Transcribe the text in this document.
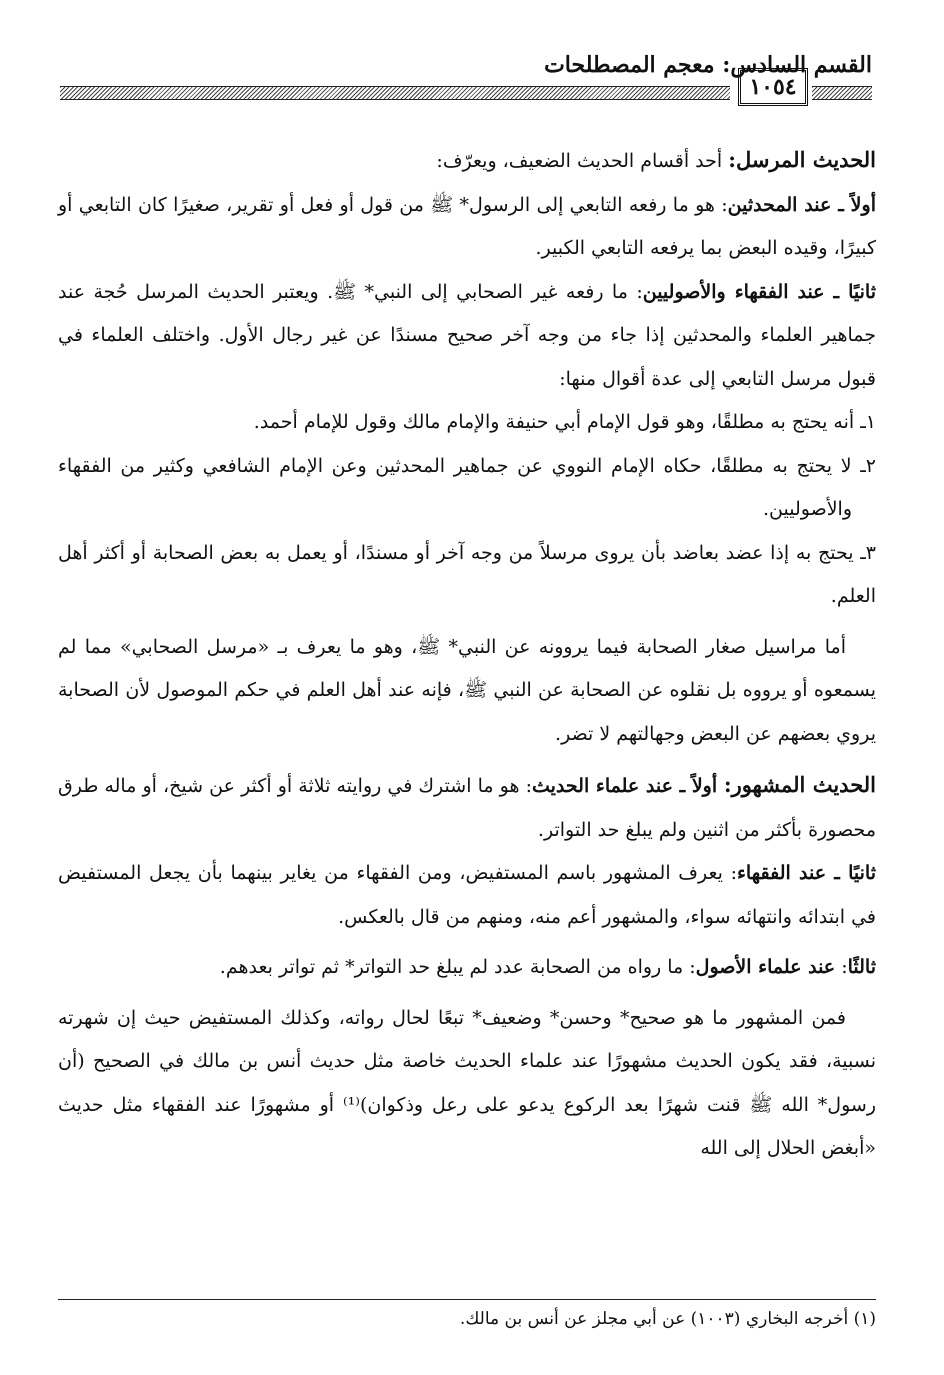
١٠٥٤
القسم السادس: معجم المصطلحات

الحديث المرسل: أحد أقسام الحديث الضعيف، ويعرّف:

أولاً ـ عند المحدثين: هو ما رفعه التابعي إلى الرسول* ﷺ من قول أو فعل أو تقرير، صغيرًا كان التابعي أو كبيرًا، وقيده البعض بما يرفعه التابعي الكبير.

ثانيًا ـ عند الفقهاء والأصوليين: ما رفعه غير الصحابي إلى النبي* ﷺ. ويعتبر الحديث المرسل حُجة عند جماهير العلماء والمحدثين إذا جاء من وجه آخر صحيح مسندًا عن غير رجال الأول. واختلف العلماء في قبول مرسل التابعي إلى عدة أقوال منها:

١ـ أنه يحتج به مطلقًا، وهو قول الإمام أبي حنيفة والإمام مالك وقول للإمام أحمد.

٢ـ لا يحتج به مطلقًا، حكاه الإمام النووي عن جماهير المحدثين وعن الإمام الشافعي وكثير من الفقهاء والأصوليين.

٣ـ يحتج به إذا عضد بعاضد بأن يروى مرسلاً من وجه آخر أو مسندًا، أو يعمل به بعض الصحابة أو أكثر أهل العلم.

أما مراسيل صغار الصحابة فيما يروونه عن النبي* ﷺ، وهو ما يعرف بـ «مرسل الصحابي» مما لم يسمعوه أو يرووه بل نقلوه عن الصحابة عن النبي ﷺ، فإنه عند أهل العلم في حكم الموصول لأن الصحابة يروي بعضهم عن البعض وجهالتهم لا تضر.

الحديث المشهور: أولاً ـ عند علماء الحديث: هو ما اشترك في روايته ثلاثة أو أكثر عن شيخ، أو ماله طرق محصورة بأكثر من اثنين ولم يبلغ حد التواتر.

ثانيًا ـ عند الفقهاء: يعرف المشهور باسم المستفيض، ومن الفقهاء من يغاير بينهما بأن يجعل المستفيض في ابتدائه وانتهائه سواء، والمشهور أعم منه، ومنهم من قال بالعكس.

ثالثًا: عند علماء الأصول: ما رواه من الصحابة عدد لم يبلغ حد التواتر* ثم تواتر بعدهم.

فمن المشهور ما هو صحيح* وحسن* وضعيف* تبعًا لحال رواته، وكذلك المستفيض حيث إن شهرته نسبية، فقد يكون الحديث مشهورًا عند علماء الحديث خاصة مثل حديث أنس بن مالك في الصحيح (أن رسول* الله ﷺ قنت شهرًا بعد الركوع يدعو على رعل وذكوان)⁽¹⁾ أو مشهورًا عند الفقهاء مثل حديث «أبغض الحلال إلى الله

(١) أخرجه البخاري (١٠٠٣) عن أبي مجلز عن أنس بن مالك.
